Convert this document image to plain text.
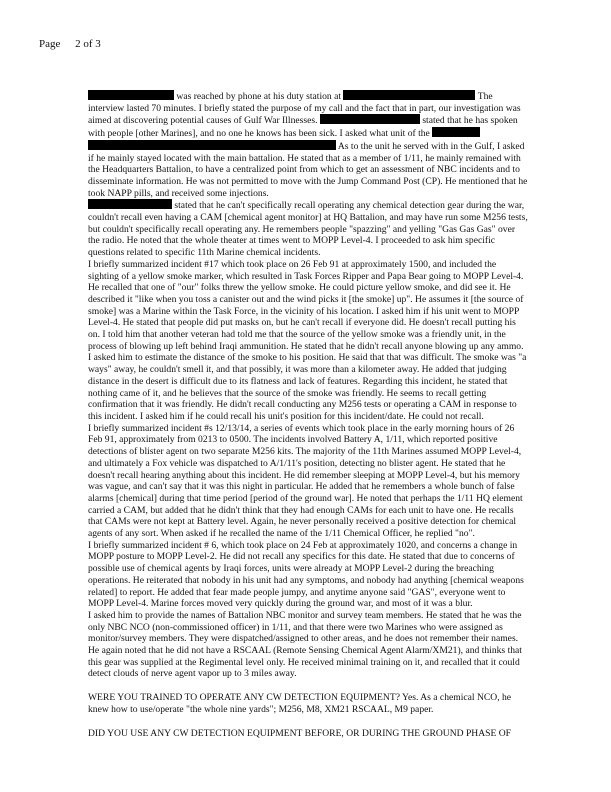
Page 2 of 3

was reached by phone at his duty station at	The interview lasted 70 minutes. I briefly stated the purpose of my call and the fact that in part, our investigation was aimed at discovering potential causes of Gulf War Illnesses.	stated that he has spoken with people [other Marines], and no one he knows has been sick. I asked what unit of the   As to the unit he served with in the Gulf, I asked if he mainly stayed located with the main battalion. He stated that as a member of 1/11, he mainly remained with the Headquarters Battalion, to have a centralized point from which to get an assessment of NBC incidents and to disseminate information. He was not permitted to move with the Jump Command Post (CP). He mentioned that he took NAPP pills, and received some injections.

stated that he can't specifically recall operating any chemical detection gear during the war, couldn't recall even having a CAM [chemical agent monitor] at HQ Battalion, and may have run some M256 tests, but couldn't specifically recall operating any. He remembers people "spazzing" and yelling "Gas Gas Gas" over the radio. He noted that the whole theater at times went to MOPP Level-4. I proceeded to ask him specific questions related to specific 11th Marine chemical incidents.

I briefly summarized incident #17 which took place on 26 Feb 91 at approximately 1500, and included the sighting of a yellow smoke marker, which resulted in Task Forces Ripper and Papa Bear going to MOPP Level-4. He recalled that one of "our" folks threw the yellow smoke. He could picture yellow smoke, and did see it. He described it "like when you toss a canister out and the wind picks it [the smoke] up". He assumes it [the source of smoke] was a Marine within the Task Force, in the vicinity of his location. I asked him if his unit went to MOPP Level-4. He stated that people did put masks on, but he can't recall if everyone did. He doesn't recall putting his on. I told him that another veteran had told me that the source of the yellow smoke was a friendly unit, in the process of blowing up left behind Iraqi ammunition. He stated that he didn't recall anyone blowing up any ammo. I asked him to estimate the distance of the smoke to his position. He said that that was difficult. The smoke was "a ways" away, he couldn't smell it, and that possibly, it was more than a kilometer away. He added that judging distance in the desert is difficult due to its flatness and lack of features. Regarding this incident, he stated that nothing came of it, and he believes that the source of the smoke was friendly. He seems to recall getting confirmation that it was friendly. He didn't recall conducting any M256 tests or operating a CAM in response to this incident. I asked him if he could recall his unit's position for this incident/date. He could not recall.

I briefly summarized incident #s 12/13/14, a series of events which took place in the early morning hours of 26 Feb 91, approximately from 0213 to 0500. The incidents involved Battery A, 1/11, which reported positive detections of blister agent on two separate M256 kits. The majority of the 11th Marines assumed MOPP Level-4, and ultimately a Fox vehicle was dispatched to A/1/11's position, detecting no blister agent. He stated that he doesn't recall hearing anything about this incident. He did remember sleeping at MOPP Level-4, but his memory was vague, and can't say that it was this night in particular. He added that he remembers a whole bunch of false alarms [chemical] during that time period [period of the ground war]. He noted that perhaps the 1/11 HQ element carried a CAM, but added that he didn't think that they had enough CAMs for each unit to have one. He recalls that CAMs were not kept at Battery level. Again, he never personally received a positive detection for chemical agents of any sort. When asked if he recalled the name of the 1/11 Chemical Officer, he replied "no".

I briefly summarized incident # 6, which took place on 24 Feb at approximately 1020, and concerns a change in MOPP posture to MOPP Level-2. He did not recall any specifics for this date. He stated that due to concerns of possible use of chemical agents by Iraqi forces, units were already at MOPP Level-2 during the breaching operations. He reiterated that nobody in his unit had any symptoms, and nobody had anything [chemical weapons related] to report. He added that fear made people jumpy, and anytime anyone said "GAS", everyone went to MOPP Level-4. Marine forces moved very quickly during the ground war, and most of it was a blur.

I asked him to provide the names of Battalion NBC monitor and survey team members. He stated that he was the only NBC NCO (non-commissioned officer) in 1/11, and that there were two Marines who were assigned as monitor/survey members. They were dispatched/assigned to other areas, and he does not remember their names. He again noted that he did not have a RSCAAL (Remote Sensing Chemical Agent Alarm/XM21), and thinks that this gear was supplied at the Regimental level only. He received minimal training on it, and recalled that it could detect clouds of nerve agent vapor up to 3 miles away.

WERE YOU TRAINED TO OPERATE ANY CW DETECTION EQUIPMENT? Yes. As a chemical NCO, he knew how to use/operate "the whole nine yards"; M256, M8, XM21 RSCAAL, M9 paper.

DID YOU USE ANY CW DETECTION EQUIPMENT BEFORE, OR DURING THE GROUND PHASE OF
